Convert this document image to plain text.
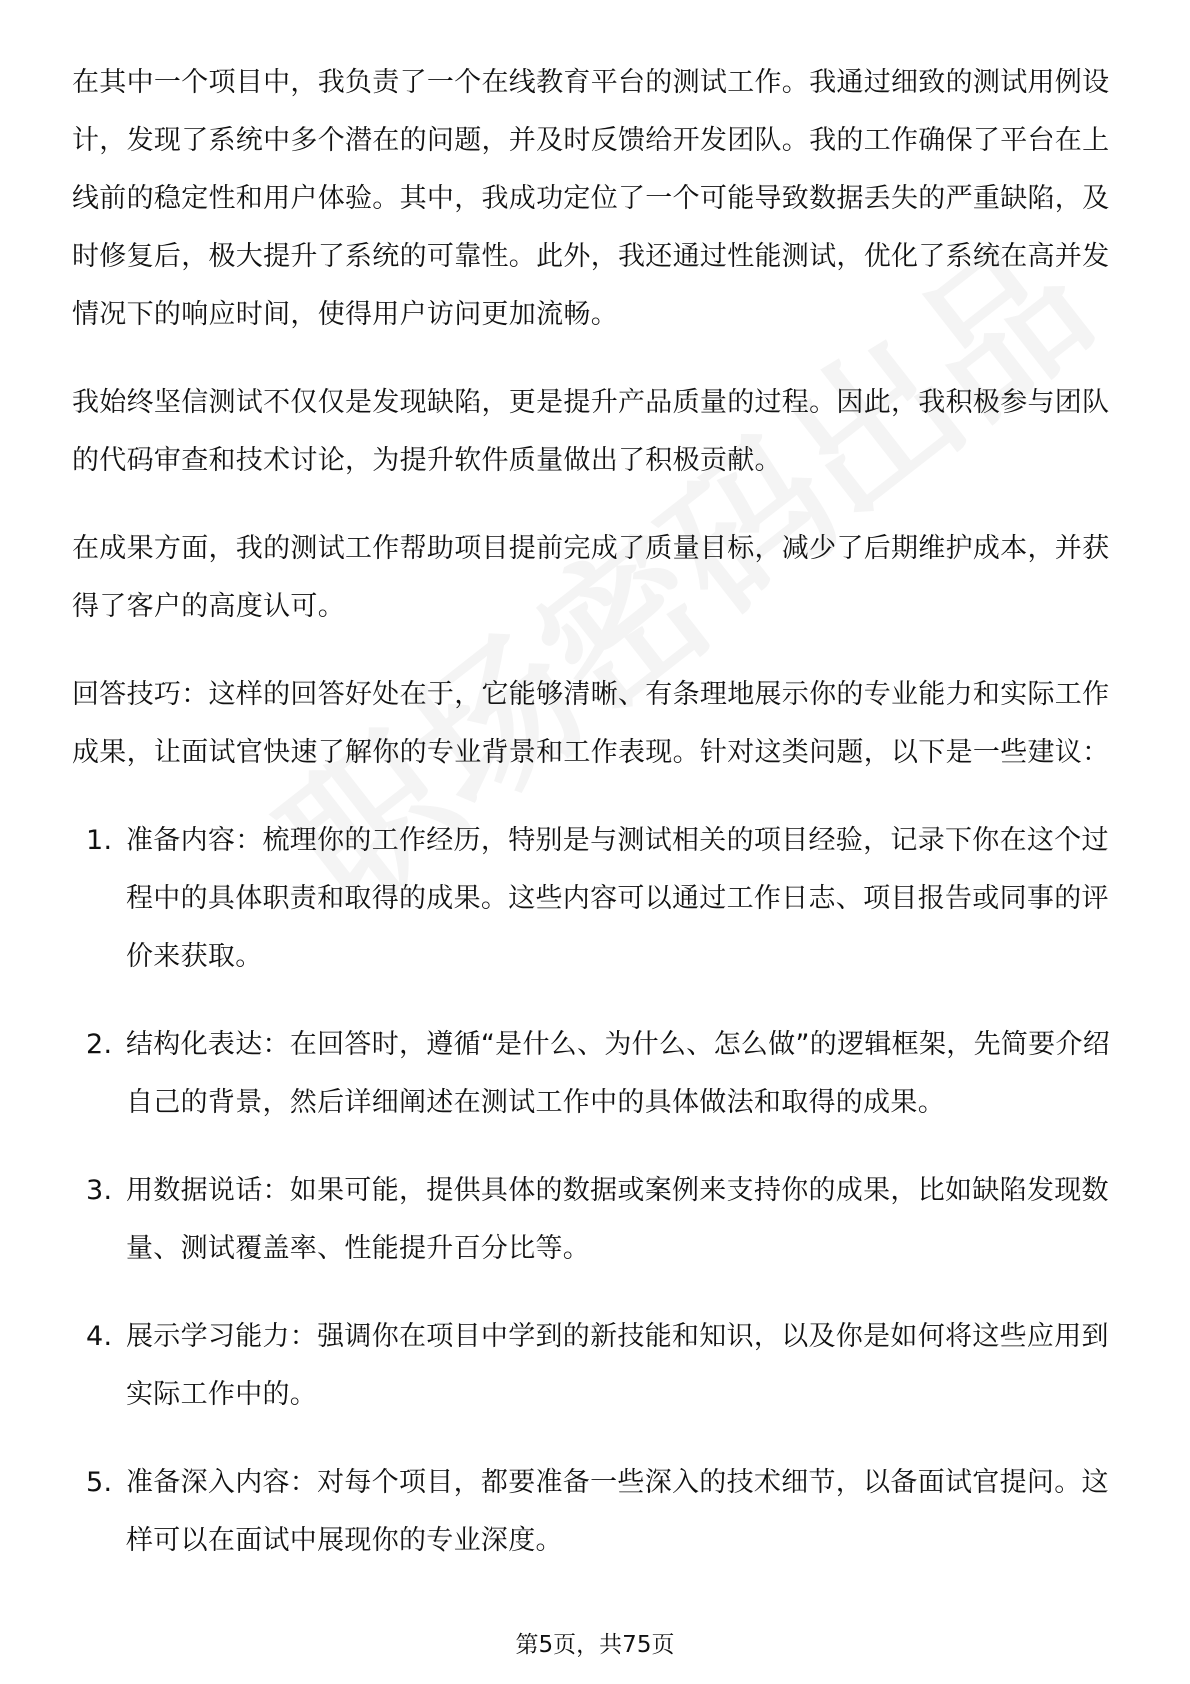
在其中一个项目中，我负责了一个在线教育平台的测试工作。我通过细致的测试用例设计，发现了系统中多个潜在的问题，并及时反馈给开发团队。我的工作确保了平台在上线前的稳定性和用户体验。其中，我成功定位了一个可能导致数据丢失的严重缺陷，及时修复后，极大提升了系统的可靠性。此外，我还通过性能测试，优化了系统在高并发情况下的响应时间，使得用户访问更加流畅。

我始终坚信测试不仅仅是发现缺陷，更是提升产品质量的过程。因此，我积极参与团队的代码审查和技术讨论，为提升软件质量做出了积极贡献。

在成果方面，我的测试工作帮助项目提前完成了质量目标，减少了后期维护成本，并获得了客户的高度认可。

回答技巧：这样的回答好处在于，它能够清晰、有条理地展示你的专业能力和实际工作成果，让面试官快速了解你的专业背景和工作表现。针对这类问题，以下是一些建议：

1. 准备内容：梳理你的工作经历，特别是与测试相关的项目经验，记录下你在这个过程中的具体职责和取得的成果。这些内容可以通过工作日志、项目报告或同事的评价来获取。
2. 结构化表达：在回答时，遵循“是什么、为什么、怎么做”的逻辑框架，先简要介绍自己的背景，然后详细阐述在测试工作中的具体做法和取得的成果。
3. 用数据说话：如果可能，提供具体的数据或案例来支持你的成果，比如缺陷发现数量、测试覆盖率、性能提升百分比等。
4. 展示学习能力：强调你在项目中学到的新技能和知识，以及你是如何将这些应用到实际工作中的。
5. 准备深入内容：对每个项目，都要准备一些深入的技术细节，以备面试官提问。这样可以在面试中展现你的专业深度。
第5页，共75页
